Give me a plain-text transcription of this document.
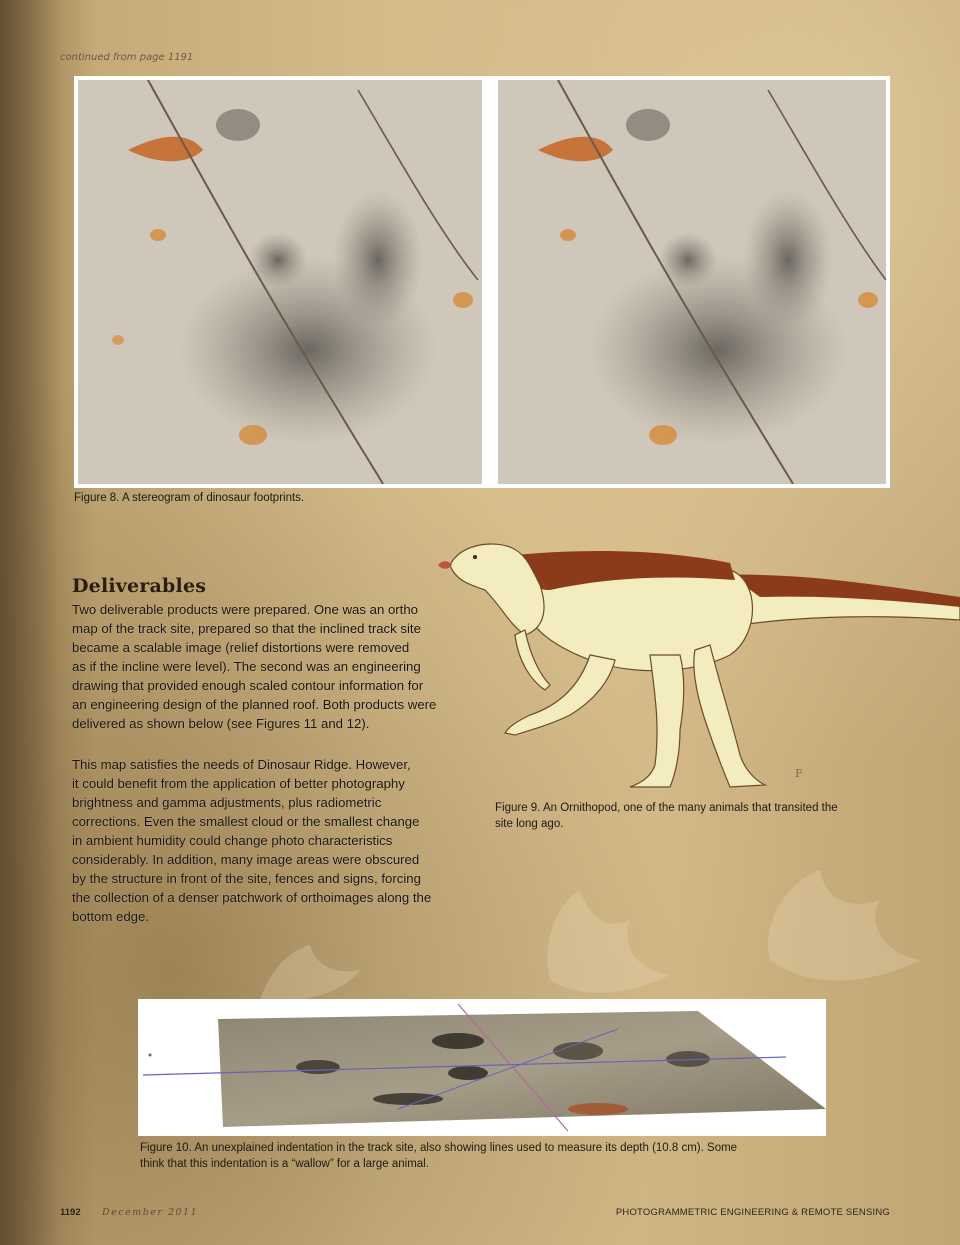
continued from page 1191
Figure 8. A stereogram of dinosaur footprints.
F
Figure 9. An Ornithopod, one of the many animals that transited the
site long ago.
Deliverables
Two deliverable products were prepared. One was an ortho
map of the track site, prepared so that the inclined track site
became a scalable image (relief distortions were removed
as if the incline were level). The second was an engineering
drawing that provided enough scaled contour information for
an engineering design of the planned roof. Both products were
delivered as shown below (see Figures 11 and 12).
This map satisfies the needs of Dinosaur Ridge. However,
it could benefit from the application of better photography
brightness and gamma adjustments, plus radiometric
corrections. Even the smallest cloud or the smallest change
in ambient humidity could change photo characteristics
considerably. In addition, many image areas were obscured
by the structure in front of the site, fences and signs, forcing
the collection of a denser patchwork of orthoimages along the
bottom edge.
Figure 10. An unexplained indentation in the track site, also showing lines used to measure its depth (10.8 cm). Some
think that this indentation is a “wallow” for a large animal.
1192 December 2011	PHOTOGRAMMETRIC ENGINEERING & REMOTE SENSING
